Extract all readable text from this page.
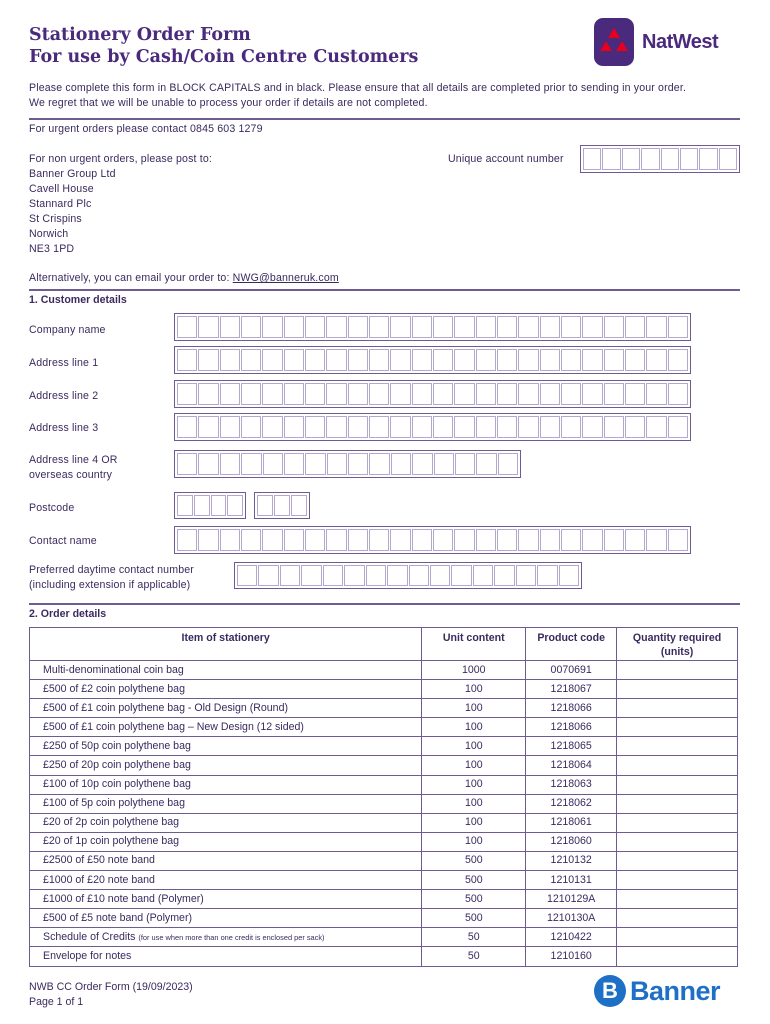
Stationery Order Form
For use by Cash/Coin Centre Customers
NatWest
Please complete this form in BLOCK CAPITALS and in black. Please ensure that all details are completed prior to sending in your order.
We regret that we will be unable to process your order if details are not completed.
For urgent orders please contact 0845 603 1279
For non urgent orders, please post to:
Banner Group Ltd
Cavell House
Stannard Plc
St Crispins
Norwich
NE3 1PD
Unique account number
Alternatively, you can email your order to: NWG@banneruk.com
1. Customer details
Company name
Address line 1
Address line 2
Address line 3
Address line 4 OR
overseas country
Postcode
Contact name
Preferred daytime contact number
(including extension if applicable)
2. Order details
Item of stationery	Unit content	Product code	Quantity required
(units)

Multi-denominational coin bag	1000	0070691	
£500 of £2 coin polythene bag	100	1218067	
£500 of £1 coin polythene bag - Old Design (Round)	100	1218066	
£500 of £1 coin polythene bag – New Design (12 sided)	100	1218066	
£250 of 50p coin polythene bag	100	1218065	
£250 of 20p coin polythene bag	100	1218064	
£100 of 10p coin polythene bag	100	1218063	
£100 of 5p coin polythene bag	100	1218062	
£20 of 2p coin polythene bag	100	1218061	
£20 of 1p coin polythene bag	100	1218060	
£2500 of £50 note band	500	1210132	
£1000 of £20 note band	500	1210131	
£1000 of £10 note band (Polymer)	500	1210129A	
£500 of £5 note band (Polymer)	500	1210130A	
Schedule of Credits (for use when more than one credit is enclosed per sack)	50	1210422	
Envelope for notes	50	1210160	
NWB CC Order Form (19/09/2023)
Page 1 of 1	B Banner
